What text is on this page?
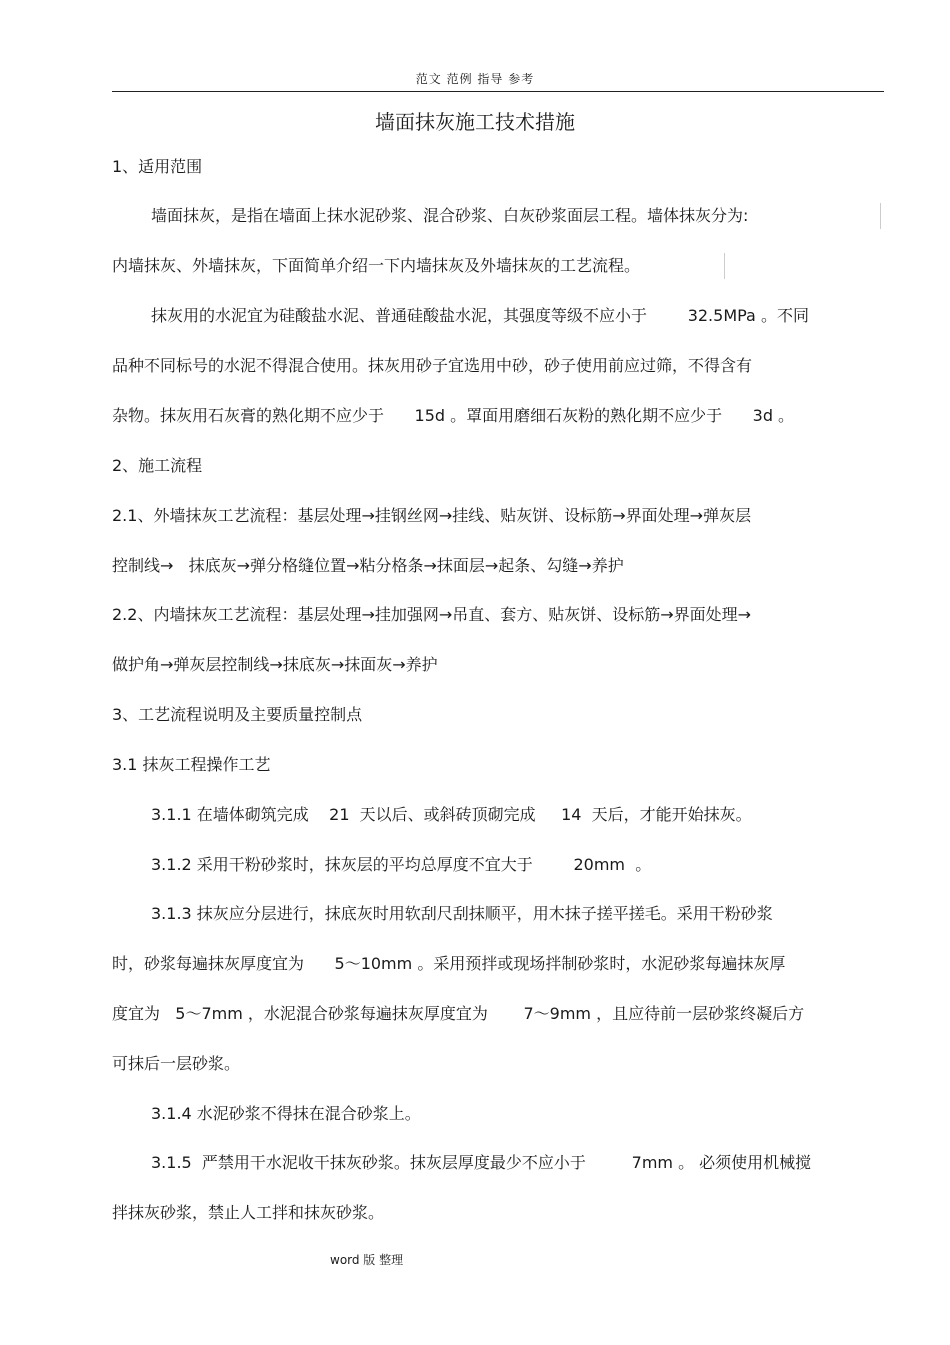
范文 范例 指导 参考
墙面抹灰施工技术措施
1、适用范围
墙面抹灰，是指在墙面上抹水泥砂浆、混合砂浆、白灰砂浆面层工程。墙体抹灰分为:
内墙抹灰、外墙抹灰，下面简单介绍一下内墙抹灰及外墙抹灰的工艺流程。
抹灰用的水泥宜为硅酸盐水泥、普通硅酸盐水泥，其强度等级不应小于        32.5MPa 。不同
品种不同标号的水泥不得混合使用。抹灰用砂子宜选用中砂，砂子使用前应过筛，不得含有
杂物。抹灰用石灰膏的熟化期不应少于      15d 。罩面用磨细石灰粉的熟化期不应少于      3d 。
2、施工流程
2.1、外墙抹灰工艺流程：基层处理→挂钢丝网→挂线、贴灰饼、设标筋→界面处理→弹灰层
控制线→   抹底灰→弹分格缝位置→粘分格条→抹面层→起条、勾缝→养护
2.2、内墙抹灰工艺流程：基层处理→挂加强网→吊直、套方、贴灰饼、设标筋→界面处理→
做护角→弹灰层控制线→抹底灰→抹面灰→养护
3、工艺流程说明及主要质量控制点
3.1 抹灰工程操作工艺
3.1.1 在墙体砌筑完成    21  天以后、或斜砖顶砌完成     14  天后，才能开始抹灰。
3.1.2 采用干粉砂浆时，抹灰层的平均总厚度不宜大于        20mm  。
3.1.3 抹灰应分层进行，抹底灰时用软刮尺刮抹顺平，用木抹子搓平搓毛。采用干粉砂浆
时，砂浆每遍抹灰厚度宜为      5～10mm 。采用预拌或现场拌制砂浆时，水泥砂浆每遍抹灰厚
度宜为   5～7mm ，水泥混合砂浆每遍抹灰厚度宜为       7～9mm ，且应待前一层砂浆终凝后方
可抹后一层砂浆。
3.1.4 水泥砂浆不得抹在混合砂浆上。
3.1.5  严禁用干水泥收干抹灰砂浆。抹灰层厚度最少不应小于         7mm 。 必须使用机械搅
拌抹灰砂浆，禁止人工拌和抹灰砂浆。
word 版 整理
